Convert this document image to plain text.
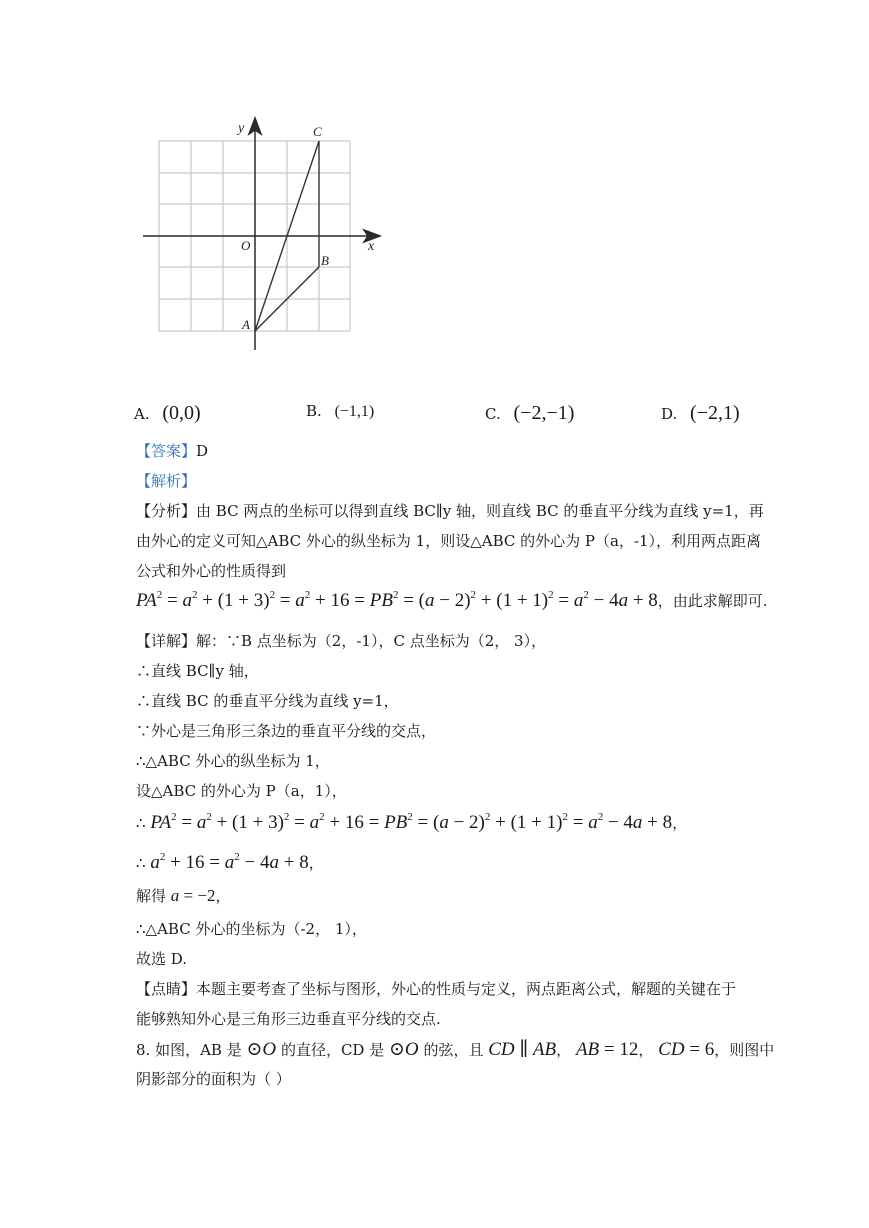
y
x
O
C
B
A
A. (0,0)	B. (−1,1)	C. (−2,−1)	D. (−2,1)
【答案】D
【解析】
【分析】由 BC 两点的坐标可以得到直线 BC∥y 轴，则直线 BC 的垂直平分线为直线 y=1，再
由外心的定义可知△ABC 外心的纵坐标为 1，则设△ABC 的外心为 P（a，-1），利用两点距离
公式和外心的性质得到
$PA^2 = a^2 + (1 + 3)^2 = a^2 + 16 = PB^2 = (a - 2)^2 + (1 + 1)^2 = a^2 - 4a + 8$，由此求解即可.
【详解】解：∵B 点坐标为（2，-1），C 点坐标为（2， 3），
∴直线 BC∥y 轴，
∴直线 BC 的垂直平分线为直线 y=1，
∵外心是三角形三条边的垂直平分线的交点，
∴△ABC 外心的纵坐标为 1，
设△ABC 的外心为 P（a，1），
∴ $PA^2 = a^2 + (1 + 3)^2 = a^2 + 16 = PB^2 = (a - 2)^2 + (1 + 1)^2 = a^2 - 4a + 8$，
∴ $a^2 + 16 = a^2 - 4a + 8$，
解得 a = −2，
∴△ABC 外心的坐标为（-2， 1），
故选 D.
【点睛】本题主要考查了坐标与图形，外心的性质与定义，两点距离公式，解题的关键在于
能够熟知外心是三角形三边垂直平分线的交点.
8. 如图，AB 是 ⊙O 的直径，CD 是 ⊙O 的弦，且 CD ∥ AB， AB = 12， CD = 6，则图中
阴影部分的面积为（ ）
